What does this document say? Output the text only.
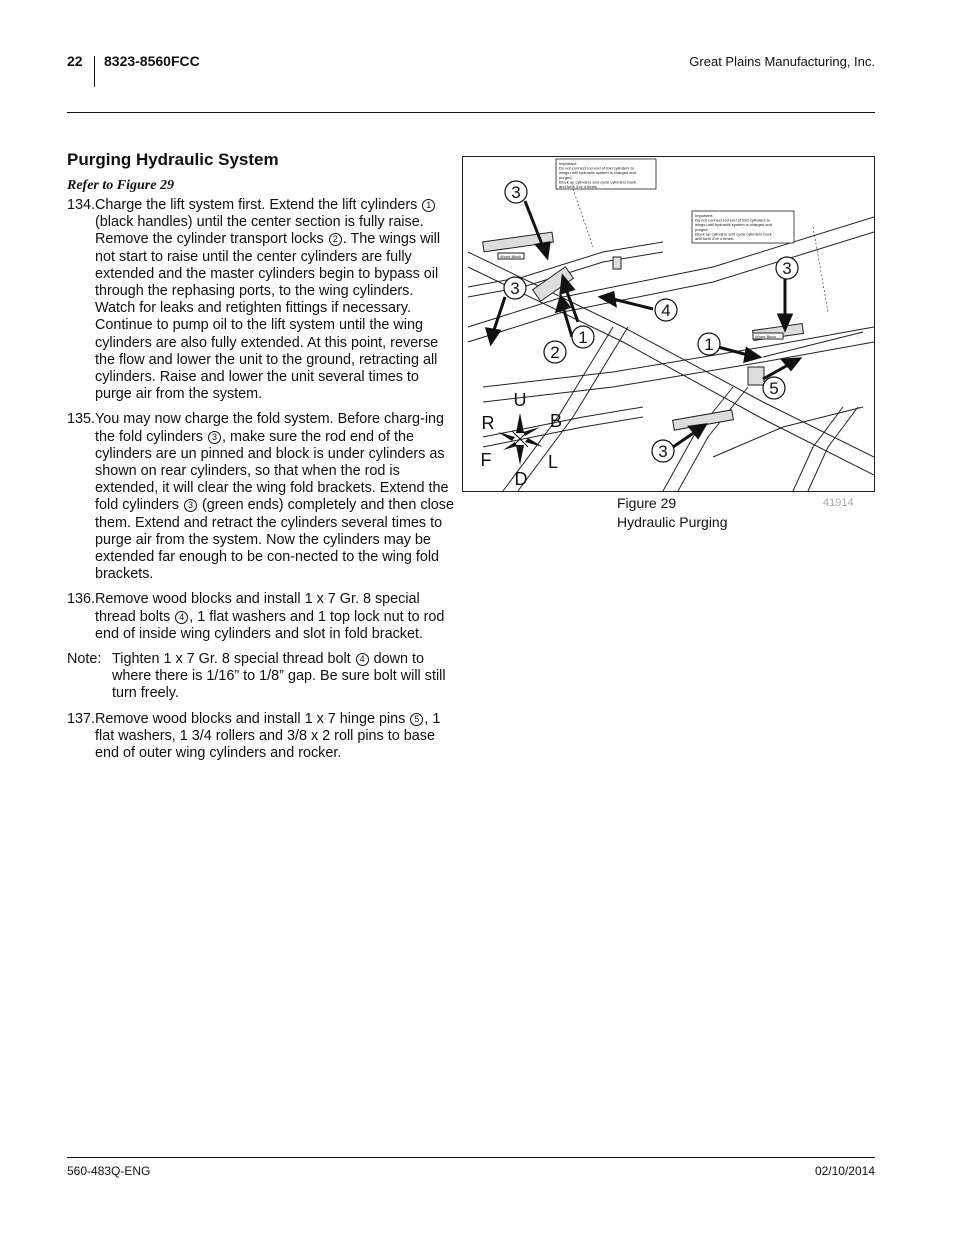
22 8323-8560FCC	Great Plains Manufacturing, Inc.
Purging Hydraulic System
Refer to Figure 29
134. Charge the lift system first. Extend the lift cylinders 1 (black handles) until the center section is fully raise. Remove the cylinder transport locks 2 . The wings will not start to raise until the center cylinders are fully extended and the master cylinders begin to bypass oil through the rephasing ports, to the wing cylinders. Watch for leaks and retighten fittings if necessary. Continue to pump oil to the lift system until the wing cylinders are also fully extended. At this point, reverse the flow and lower the unit to the ground, retracting all cylinders. Raise and lower the unit several times to purge air from the system.
135. You may now charge the fold system. Before charg-ing the fold cylinders 3 , make sure the rod end of the cylinders are un pinned and block is under cylinders as shown on rear cylinders, so that when the rod is extended, it will clear the wing fold brackets. Extend the fold cylinders 3 (green ends) completely and then close them. Extend and retract the cylinders several times to purge air from the system. Now the cylinders may be extended far enough to be con-nected to the wing fold brackets.
136. Remove wood blocks and install 1 x 7 Gr. 8 special thread bolts 4 , 1 flat washers and 1 top lock nut to rod end of inside wing cylinders and slot in fold bracket.
Note: Tighten 1 x 7 Gr. 8 special thread bolt 4 down to where there is 1/16” to 1/8” gap. Be sure bolt will still turn freely.
137. Remove wood blocks and install 1 x 7 hinge pins 5 , 1 flat washers, 1 3/4 rollers and 3/8 x 2 roll pins to base end of outer wing cylinders and rocker.
Wood Block
Wood Block
Important: Do not connect rod end of fold cylinders to wings until hydraulic system is charged and purged. Block up cylinders and cycle cylinders back and forth 3 or 4 times.
Important: Do not connect rod end of fold cylinders to wings until hydraulic system is charged and purged. Block up cylinders and cycle cylinders back and forth 3 or 4 times.
3
3
2
1
4
1
3
5
3
U
D
R
F
B
L
Figure 29
Hydraulic Purging
41914
560-483Q-ENG	02/10/2014
